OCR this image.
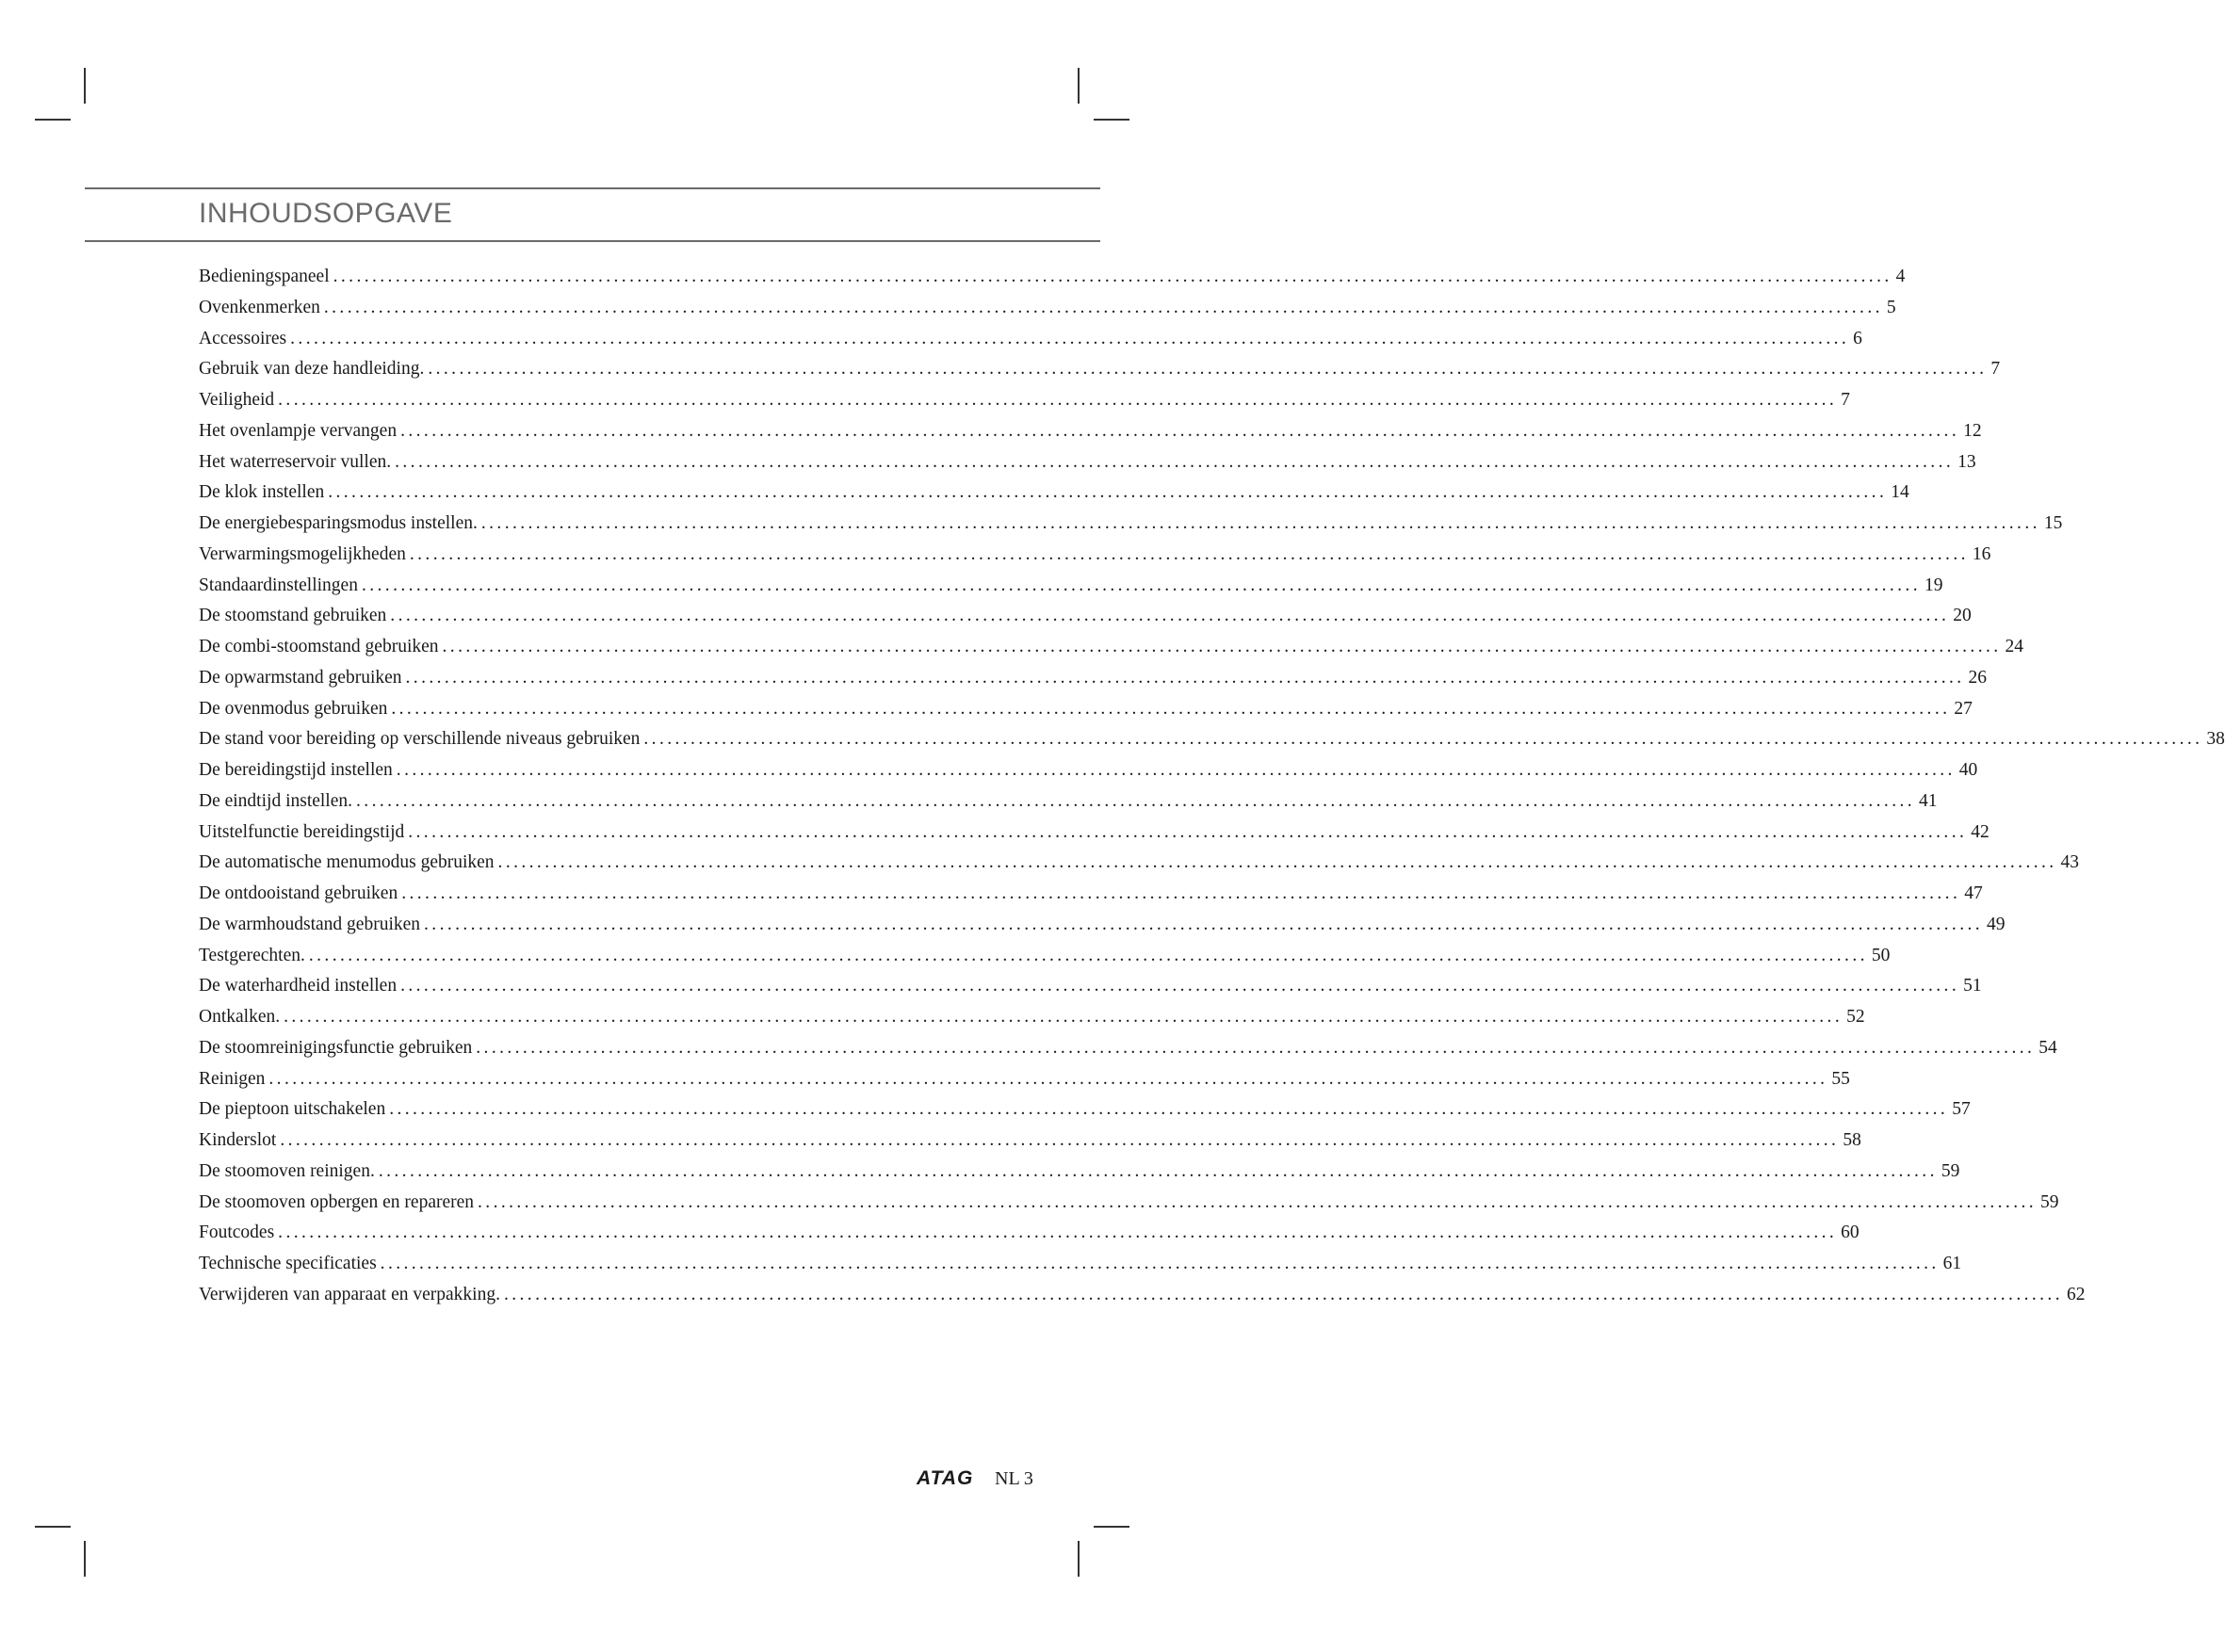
INHOUDSOPGAVE
Bedieningspaneel ........................................................................................................................................................................................................ 4
Ovenkenmerken ........................................................................................................................................................................................................ 5
Accessoires ........................................................................................................................................................................................................ 6
Gebruik van deze handleiding. ........................................................................................................................................................................................................ 7
Veiligheid ........................................................................................................................................................................................................ 7
Het ovenlampje vervangen ........................................................................................................................................................................................................ 12
Het waterreservoir vullen. ........................................................................................................................................................................................................ 13
De klok instellen ........................................................................................................................................................................................................ 14
De energiebesparingsmodus instellen. ........................................................................................................................................................................................................ 15
Verwarmingsmogelijkheden ........................................................................................................................................................................................................ 16
Standaardinstellingen ........................................................................................................................................................................................................ 19
De stoomstand gebruiken ........................................................................................................................................................................................................ 20
De combi-stoomstand gebruiken ........................................................................................................................................................................................................ 24
De opwarmstand gebruiken ........................................................................................................................................................................................................ 26
De ovenmodus gebruiken ........................................................................................................................................................................................................ 27
De stand voor bereiding op verschillende niveaus gebruiken ........................................................................................................................................................................................................ 38
De bereidingstijd instellen ........................................................................................................................................................................................................ 40
De eindtijd instellen. ........................................................................................................................................................................................................ 41
Uitstelfunctie bereidingstijd ........................................................................................................................................................................................................ 42
De automatische menumodus gebruiken ........................................................................................................................................................................................................ 43
De ontdooistand gebruiken ........................................................................................................................................................................................................ 47
De warmhoudstand gebruiken ........................................................................................................................................................................................................ 49
Testgerechten. ........................................................................................................................................................................................................ 50
De waterhardheid instellen ........................................................................................................................................................................................................ 51
Ontkalken. ........................................................................................................................................................................................................ 52
De stoomreinigingsfunctie gebruiken ........................................................................................................................................................................................................ 54
Reinigen ........................................................................................................................................................................................................ 55
De pieptoon uitschakelen ........................................................................................................................................................................................................ 57
Kinderslot ........................................................................................................................................................................................................ 58
De stoomoven reinigen. ........................................................................................................................................................................................................ 59
De stoomoven opbergen en repareren ........................................................................................................................................................................................................ 59
Foutcodes ........................................................................................................................................................................................................ 60
Technische specificaties ........................................................................................................................................................................................................ 61
Verwijderen van apparaat en verpakking. ........................................................................................................................................................................................................ 62
ATAG NL 3
